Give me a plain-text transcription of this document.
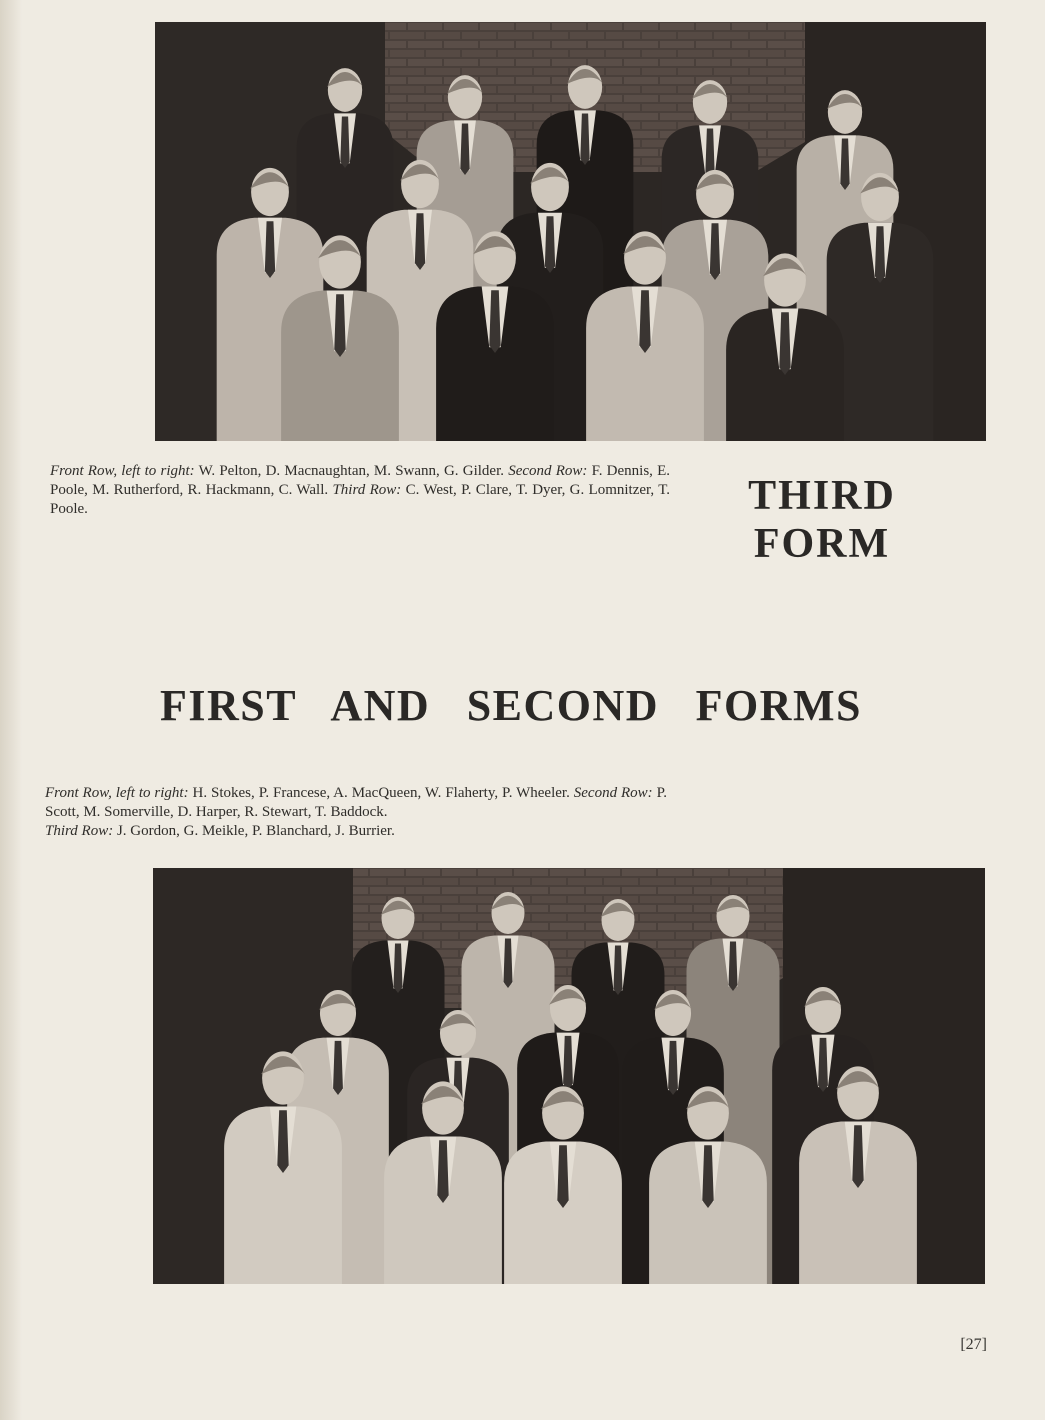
Front Row, left to right: W. Pelton, D. Macnaughtan, M. Swann, G. Gilder. Second Row: F. Dennis, E. Poole, M. Rutherford, R. Hackmann, C. Wall. Third Row: C. West, P. Clare, T. Dyer, G. Lomnitzer, T. Poole.	THIRD
FORM
FIRST AND SECOND FORMS
Front Row, left to right: H. Stokes, P. Francese, A. MacQueen, W. Flaherty, P. Wheeler. Second Row: P. Scott, M. Somerville, D. Harper, R. Stewart, T. Baddock.
Third Row: J. Gordon, G. Meikle, P. Blanchard, J. Burrier.
[27]
